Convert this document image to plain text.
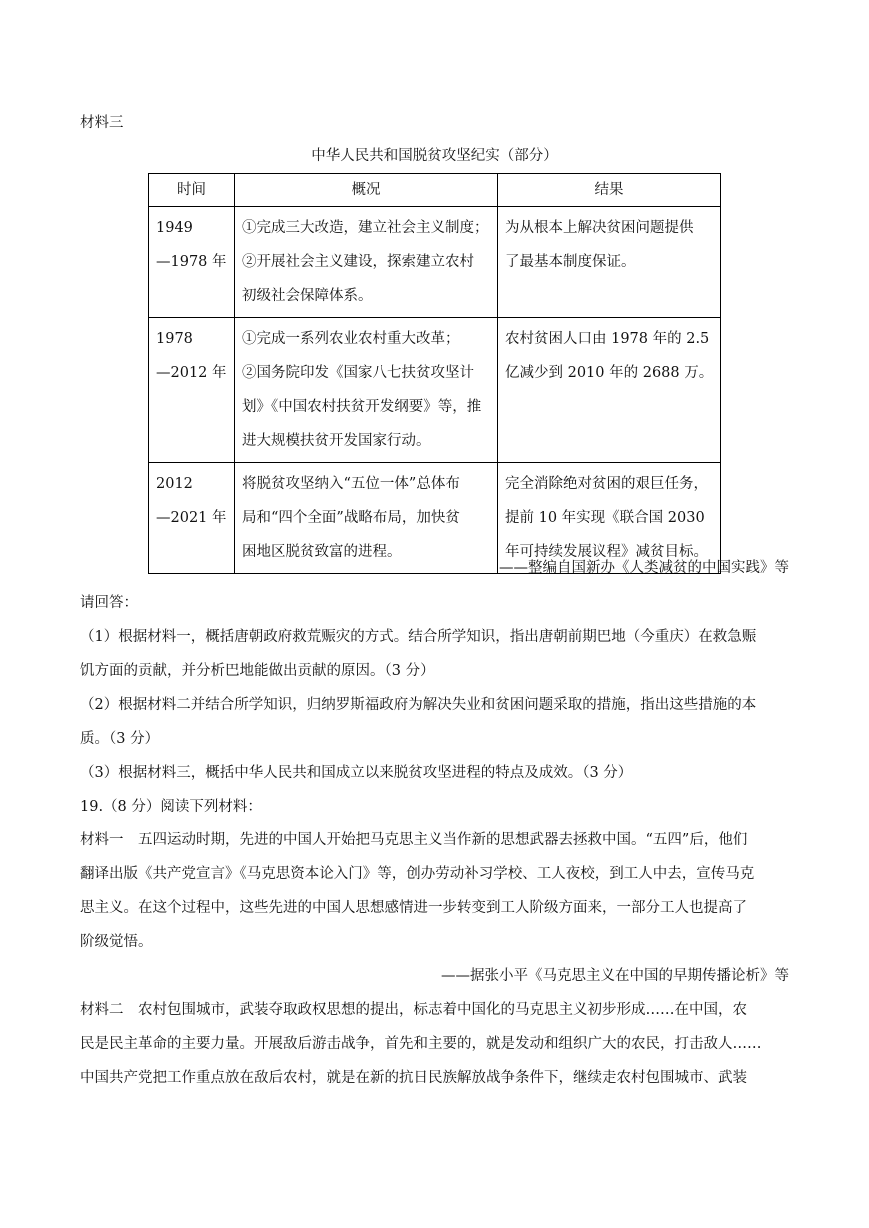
材料三
中华人民共和国脱贫攻坚纪实（部分）
时间	概况	结果

1949
—1978 年	①完成三大改造，建立社会主义制度；
②开展社会主义建设，探索建立农村
初级社会保障体系。	为从根本上解决贫困问题提供
了最基本制度保证。

1978
—2012 年	①完成一系列农业农村重大改革；
②国务院印发《国家八七扶贫攻坚计
划》《中国农村扶贫开发纲要》等，推
进大规模扶贫开发国家行动。	农村贫困人口由 1978 年的 2.5
亿减少到 2010 年的 2688 万。

2012
—2021 年	将脱贫攻坚纳入“五位一体”总体布
局和“四个全面”战略布局，加快贫
困地区脱贫致富的进程。	完全消除绝对贫困的艰巨任务，
提前 10 年实现《联合国 2030
年可持续发展议程》减贫目标。
——整编自国新办《人类减贫的中国实践》等
请回答：
（1）根据材料一，概括唐朝政府救荒赈灾的方式。结合所学知识，指出唐朝前期巴地（今重庆）在救急赈
饥方面的贡献，并分析巴地能做出贡献的原因。（3 分）
（2）根据材料二并结合所学知识，归纳罗斯福政府为解决失业和贫困问题采取的措施，指出这些措施的本
质。（3 分）
（3）根据材料三，概括中华人民共和国成立以来脱贫攻坚进程的特点及成效。（3 分）
19.（8 分）阅读下列材料：
材料一　五四运动时期，先进的中国人开始把马克思主义当作新的思想武器去拯救中国。“五四”后，他们
翻译出版《共产党宣言》《马克思资本论入门》等，创办劳动补习学校、工人夜校，到工人中去，宣传马克
思主义。在这个过程中，这些先进的中国人思想感情进一步转变到工人阶级方面来，一部分工人也提高了
阶级觉悟。
——据张小平《马克思主义在中国的早期传播论析》等
材料二　农村包围城市，武装夺取政权思想的提出，标志着中国化的马克思主义初步形成……在中国，农
民是民主革命的主要力量。开展敌后游击战争，首先和主要的，就是发动和组织广大的农民，打击敌人……
中国共产党把工作重点放在敌后农村，就是在新的抗日民族解放战争条件下，继续走农村包围城市、武装
